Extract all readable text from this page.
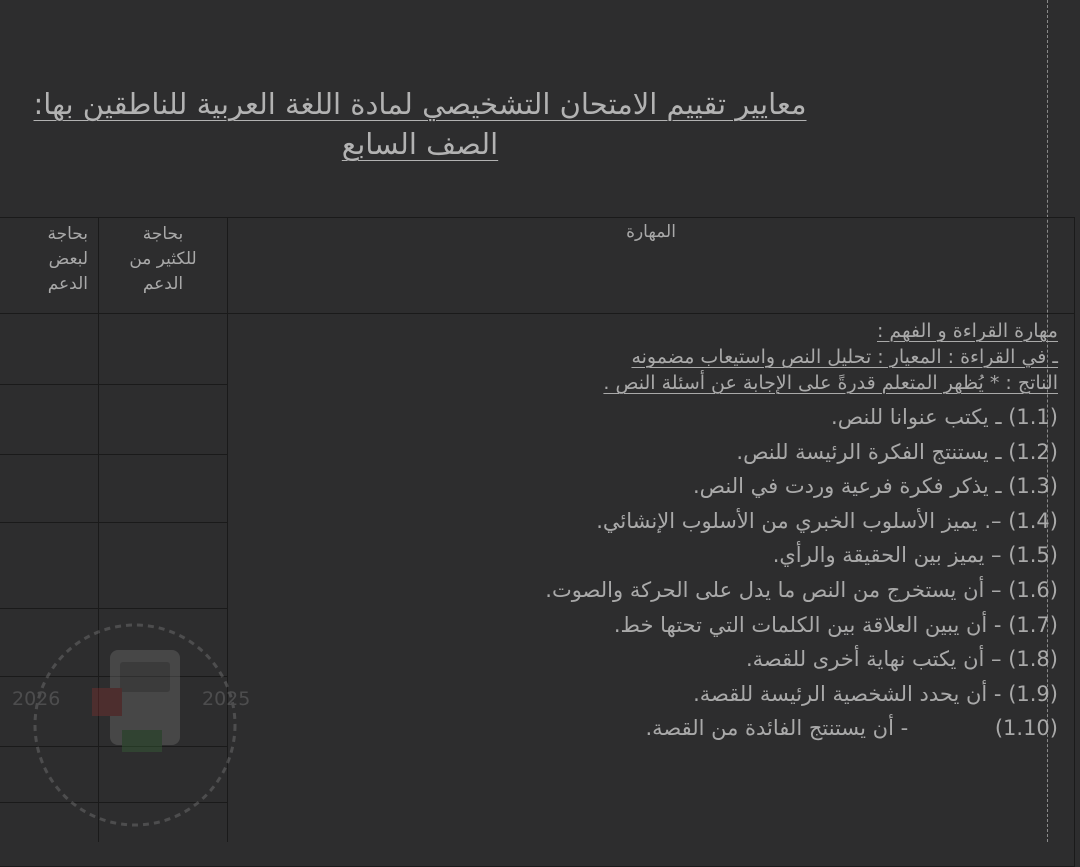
معايير تقييم الامتحان التشخيصي لمادة اللغة العربية للناطقين بها:
الصف السابع
المهارة
بحاجة
للكثير من
الدعم
بحاجة
لبعض
الدعم
مهارة القراءة و الفهم :
ـ في القراءة : المعيار : تحليل النص واستيعاب مضمونه
الناتج : * يُظهر المتعلم قدرةً على الإجابة عن أسئلة النص .
(1.1) ـ يكتب عنوانا للنص.
(1.2) ـ يستنتج الفكرة الرئيسة للنص.
(1.3) ـ يذكر فكرة فرعية وردت في النص.
(1.4) –. يميز الأسلوب الخبري من الأسلوب الإنشائي.
(1.5) – يميز بين الحقيقة والرأي.
(1.6) – أن يستخرج من النص ما يدل على الحركة والصوت.
(1.7) - أن يبين العلاقة بين الكلمات التي تحتها خط.
(1.8) – أن يكتب نهاية أخرى للقصة.
(1.9) - أن يحدد الشخصية الرئيسة للقصة.
(1.10) - أن يستنتج الفائدة من القصة.
2026	2025
